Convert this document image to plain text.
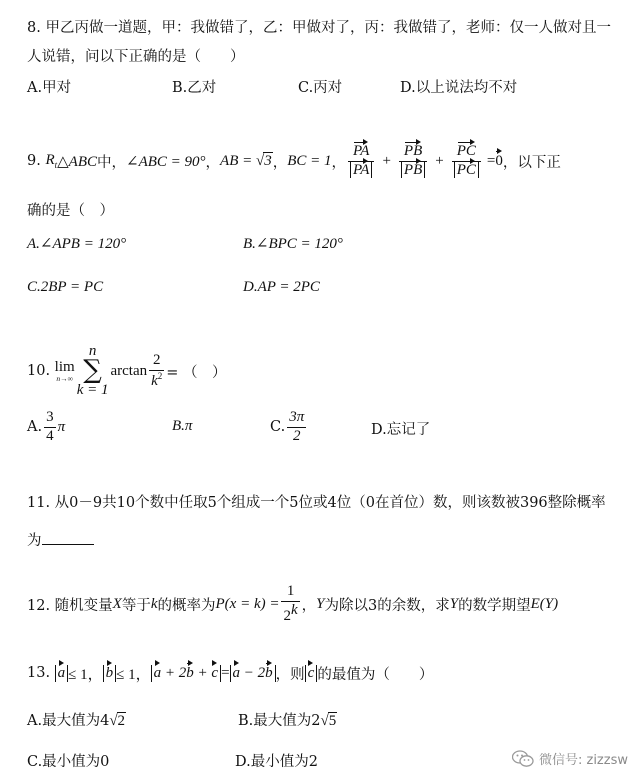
8. 甲乙丙做一道题，甲：我做错了，乙：甲做对了，丙：我做错了，老师：仅一人做对且一
人说错，问以下正确的是（　　）
A.甲对	B.乙对	C.丙对	D.以上说法均不对
9.
$R_t$ △ABC 中， ∠ABC = 90° ， AB = √3 ， BC = 1 ， $\frac{PA}{PA} + \frac{PB}{PB} + \frac{PC}{PC} = 0$ ，以下正
确的是（　）
A.∠APB = 120°	B.∠BPC = 120°
C.2BP = PC	D.AP = 2PC
10.
lim
n→∞
n
∑
k = 1
$\arctan \frac{2}{k^2}$ = （　）
A. $\frac{3}{4}$ π	B.π	C. $\frac{3\pi}{2}$	D.忘记了
11. 从0－9共10个数中任取5个组成一个5位或4位（0在首位）数，则该数被396整除概率
为
12. 随机变量 X 等于 k 的概率为 $P(x = k) = \frac{1}{2^k}$ ， Y 为除以3的余数，求 Y 的数学期望 E(Y)
13.
a ≤ 1， b ≤ 1， a + 2b + c = a − 2b ，则 c 的最值为（　　）
A.最大值为4√2	B.最大值为2√5
C.最小值为0	D.最小值为2	微信号: zizzsw
